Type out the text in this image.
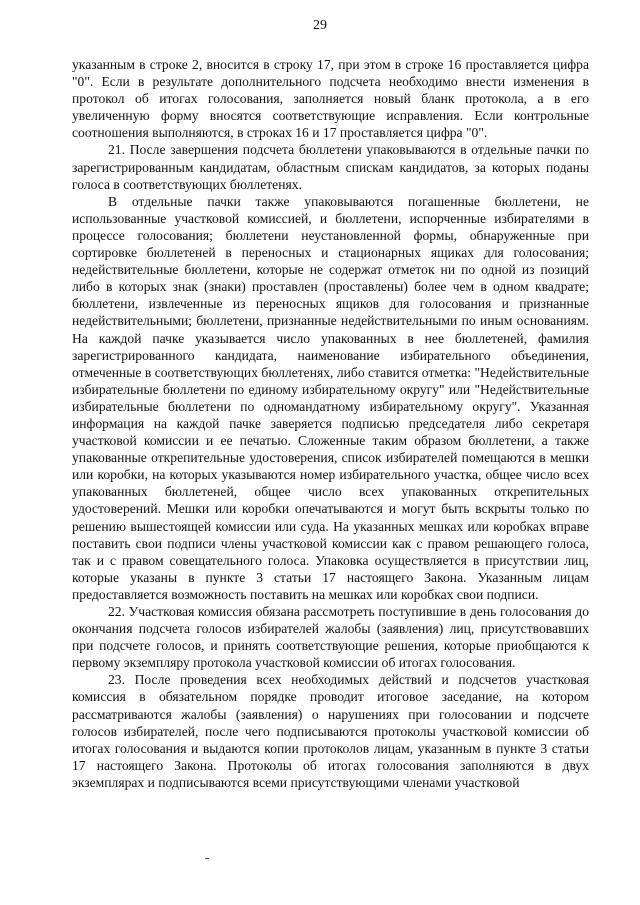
29

указанным в строке 2, вносится в строку 17, при этом в строке 16 проставляется цифра "0". Если в результате дополнительного подсчета необходимо внести изменения в протокол об итогах голосования, заполняется новый бланк протокола, а в его увеличенную форму вносятся соответствующие исправления. Если контрольные соотношения выполняются, в строках 16 и 17 проставляется цифра "0".

21. После завершения подсчета бюллетени упаковываются в отдельные пачки по зарегистрированным кандидатам, областным спискам кандидатов, за которых поданы голоса в соответствующих бюллетенях.

В отдельные пачки также упаковываются погашенные бюллетени, не использованные участковой комиссией, и бюллетени, испорченные избирателями в процессе голосования; бюллетени неустановленной формы, обнаруженные при сортировке бюллетеней в переносных и стационарных ящиках для голосования; недействительные бюллетени, которые не содержат отметок ни по одной из позиций либо в которых знак (знаки) проставлен (проставлены) более чем в одном квадрате; бюллетени, извлеченные из переносных ящиков для голосования и признанные недействительными; бюллетени, признанные недействительными по иным основаниям. На каждой пачке указывается число упакованных в нее бюллетеней, фамилия зарегистрированного кандидата, наименование избирательного объединения, отмеченные в соответствующих бюллетенях, либо ставится отметка: "Недействительные избирательные бюллетени по единому избирательному округу" или "Недействительные избирательные бюллетени по одномандатному избирательному округу". Указанная информация на каждой пачке заверяется подписью председателя либо секретаря участковой комиссии и ее печатью. Сложенные таким образом бюллетени, а также упакованные открепительные удостоверения, список избирателей помещаются в мешки или коробки, на которых указываются номер избирательного участка, общее число всех упакованных бюллетеней, общее число всех упакованных открепительных удостоверений. Мешки или коробки опечатываются и могут быть вскрыты только по решению вышестоящей комиссии или суда. На указанных мешках или коробках вправе поставить свои подписи члены участковой комиссии как с правом решающего голоса, так и с правом совещательного голоса. Упаковка осуществляется в присутствии лиц, которые указаны в пункте 3 статьи 17 настоящего Закона. Указанным лицам предоставляется возможность поставить на мешках или коробках свои подписи.

22. Участковая комиссия обязана рассмотреть поступившие в день голосования до окончания подсчета голосов избирателей жалобы (заявления) лиц, присутствовавших при подсчете голосов, и принять соответствующие решения, которые приобщаются к первому экземпляру протокола участковой комиссии об итогах голосования.

23. После проведения всех необходимых действий и подсчетов участковая комиссия в обязательном порядке проводит итоговое заседание, на котором рассматриваются жалобы (заявления) о нарушениях при голосовании и подсчете голосов избирателей, после чего подписываются протоколы участковой комиссии об итогах голосования и выдаются копии протоколов лицам, указанным в пункте 3 статьи 17 настоящего Закона. Протоколы об итогах голосования заполняются в двух экземплярах и подписываются всеми присутствующими членами участковой
